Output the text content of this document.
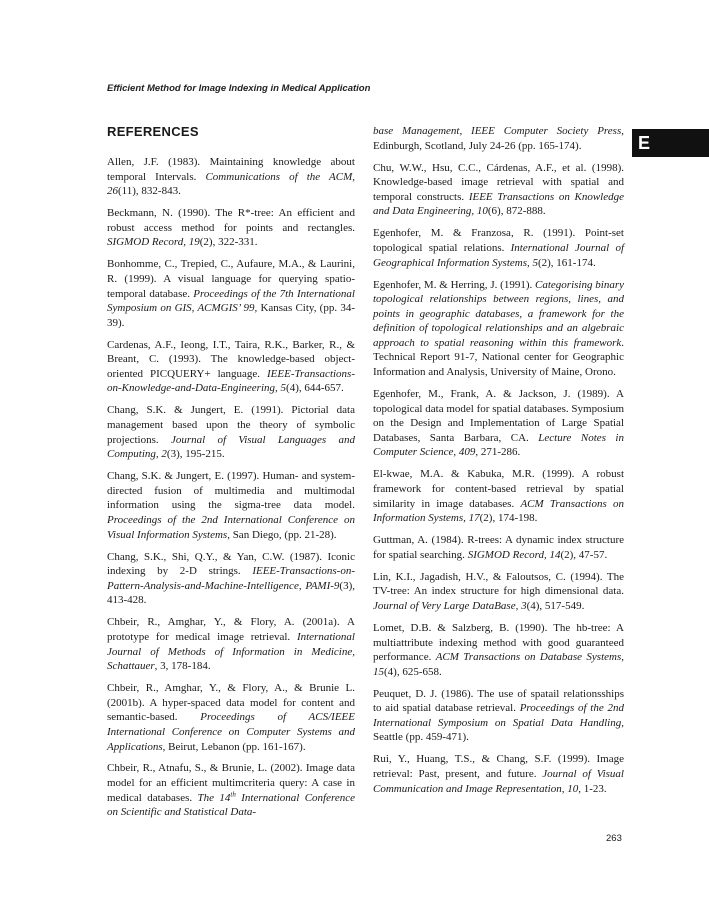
Efficient Method for Image Indexing in Medical Application
E
REFERENCES

Allen, J.F. (1983). Maintaining knowledge about temporal Intervals. Communications of the ACM, 26(11), 832-843.

Beckmann, N. (1990). The R*-tree: An efficient and robust access method for points and rectangles. SIGMOD Record, 19(2), 322-331.

Bonhomme, C., Trepied, C., Aufaure, M.A., & Laurini, R. (1999). A visual language for querying spatio-temporal database. Proceedings of the 7th International Symposium on GIS, ACMGIS’ 99, Kansas City, (pp. 34-39).

Cardenas, A.F., Ieong, I.T., Taira, R.K., Barker, R., & Breant, C. (1993). The knowledge-based object-oriented PICQUERY+ language. IEEE-Transactions-on-Knowledge-and-Data-Engineering, 5(4), 644-657.

Chang, S.K. & Jungert, E. (1991). Pictorial data management based upon the theory of symbolic projections. Journal of Visual Languages and Computing, 2(3), 195-215.

Chang, S.K. & Jungert, E. (1997). Human- and system-directed fusion of multimedia and multimodal information using the sigma-tree data model. Proceedings of the 2nd International Conference on Visual Information Systems, San Diego, (pp. 21-28).

Chang, S.K., Shi, Q.Y., & Yan, C.W. (1987). Iconic indexing by 2-D strings. IEEE-Transactions-on-Pattern-Analysis-and-Machine-Intelligence, PAMI-9(3), 413-428.

Chbeir, R., Amghar, Y., & Flory, A. (2001a). A prototype for medical image retrieval. International Journal of Methods of Information in Medicine, Schattauer, 3, 178-184.

Chbeir, R., Amghar, Y., & Flory, A., & Brunie L. (2001b). A hyper-spaced data model for content and semantic-based. Proceedings of ACS/IEEE International Conference on Computer Systems and Applications, Beirut, Lebanon (pp. 161-167).

Chbeir, R., Atnafu, S., & Brunie, L. (2002). Image data model for an efficient multimcriteria query: A case in medical databases. The 14th International Conference on Scientific and Statistical Data-

base Management, IEEE Computer Society Press, Edinburgh, Scotland, July 24-26 (pp. 165-174).

Chu, W.W., Hsu, C.C., Cárdenas, A.F., et al. (1998). Knowledge-based image retrieval with spatial and temporal constructs. IEEE Transactions on Knowledge and Data Engineering, 10(6), 872-888.

Egenhofer, M. & Franzosa, R. (1991). Point-set topological spatial relations. International Journal of Geographical Information Systems, 5(2), 161-174.

Egenhofer, M. & Herring, J. (1991). Categorising binary topological relationships between regions, lines, and points in geographic databases, a framework for the definition of topological relationships and an algebraic approach to spatial reasoning within this framework. Technical Report 91-7, National center for Geographic Information and Analysis, University of Maine, Orono.

Egenhofer, M., Frank, A. & Jackson, J. (1989). A topological data model for spatial databases. Symposium on the Design and Implementation of Large Spatial Databases, Santa Barbara, CA. Lecture Notes in Computer Science, 409, 271-286.

El-kwae, M.A. & Kabuka, M.R. (1999). A robust framework for content-based retrieval by spatial similarity in image databases. ACM Transactions on Information Systems, 17(2), 174-198.

Guttman, A. (1984). R-trees: A dynamic index structure for spatial searching. SIGMOD Record, 14(2), 47-57.

Lin, K.I., Jagadish, H.V., & Faloutsos, C. (1994). The TV-tree: An index structure for high dimensional data. Journal of Very Large DataBase, 3(4), 517-549.

Lomet, D.B. & Salzberg, B. (1990). The hb-tree: A multiattribute indexing method with good guaranteed performance. ACM Transactions on Database Systems, 15(4), 625-658.

Peuquet, D. J. (1986). The use of spatail relationsships to aid spatial database retrieval. Proceedings of the 2nd International Symposium on Spatial Data Handling, Seattle (pp. 459-471).

Rui, Y., Huang, T.S., & Chang, S.F. (1999). Image retrieval: Past, present, and future. Journal of Visual Communication and Image Representation, 10, 1-23.

263
